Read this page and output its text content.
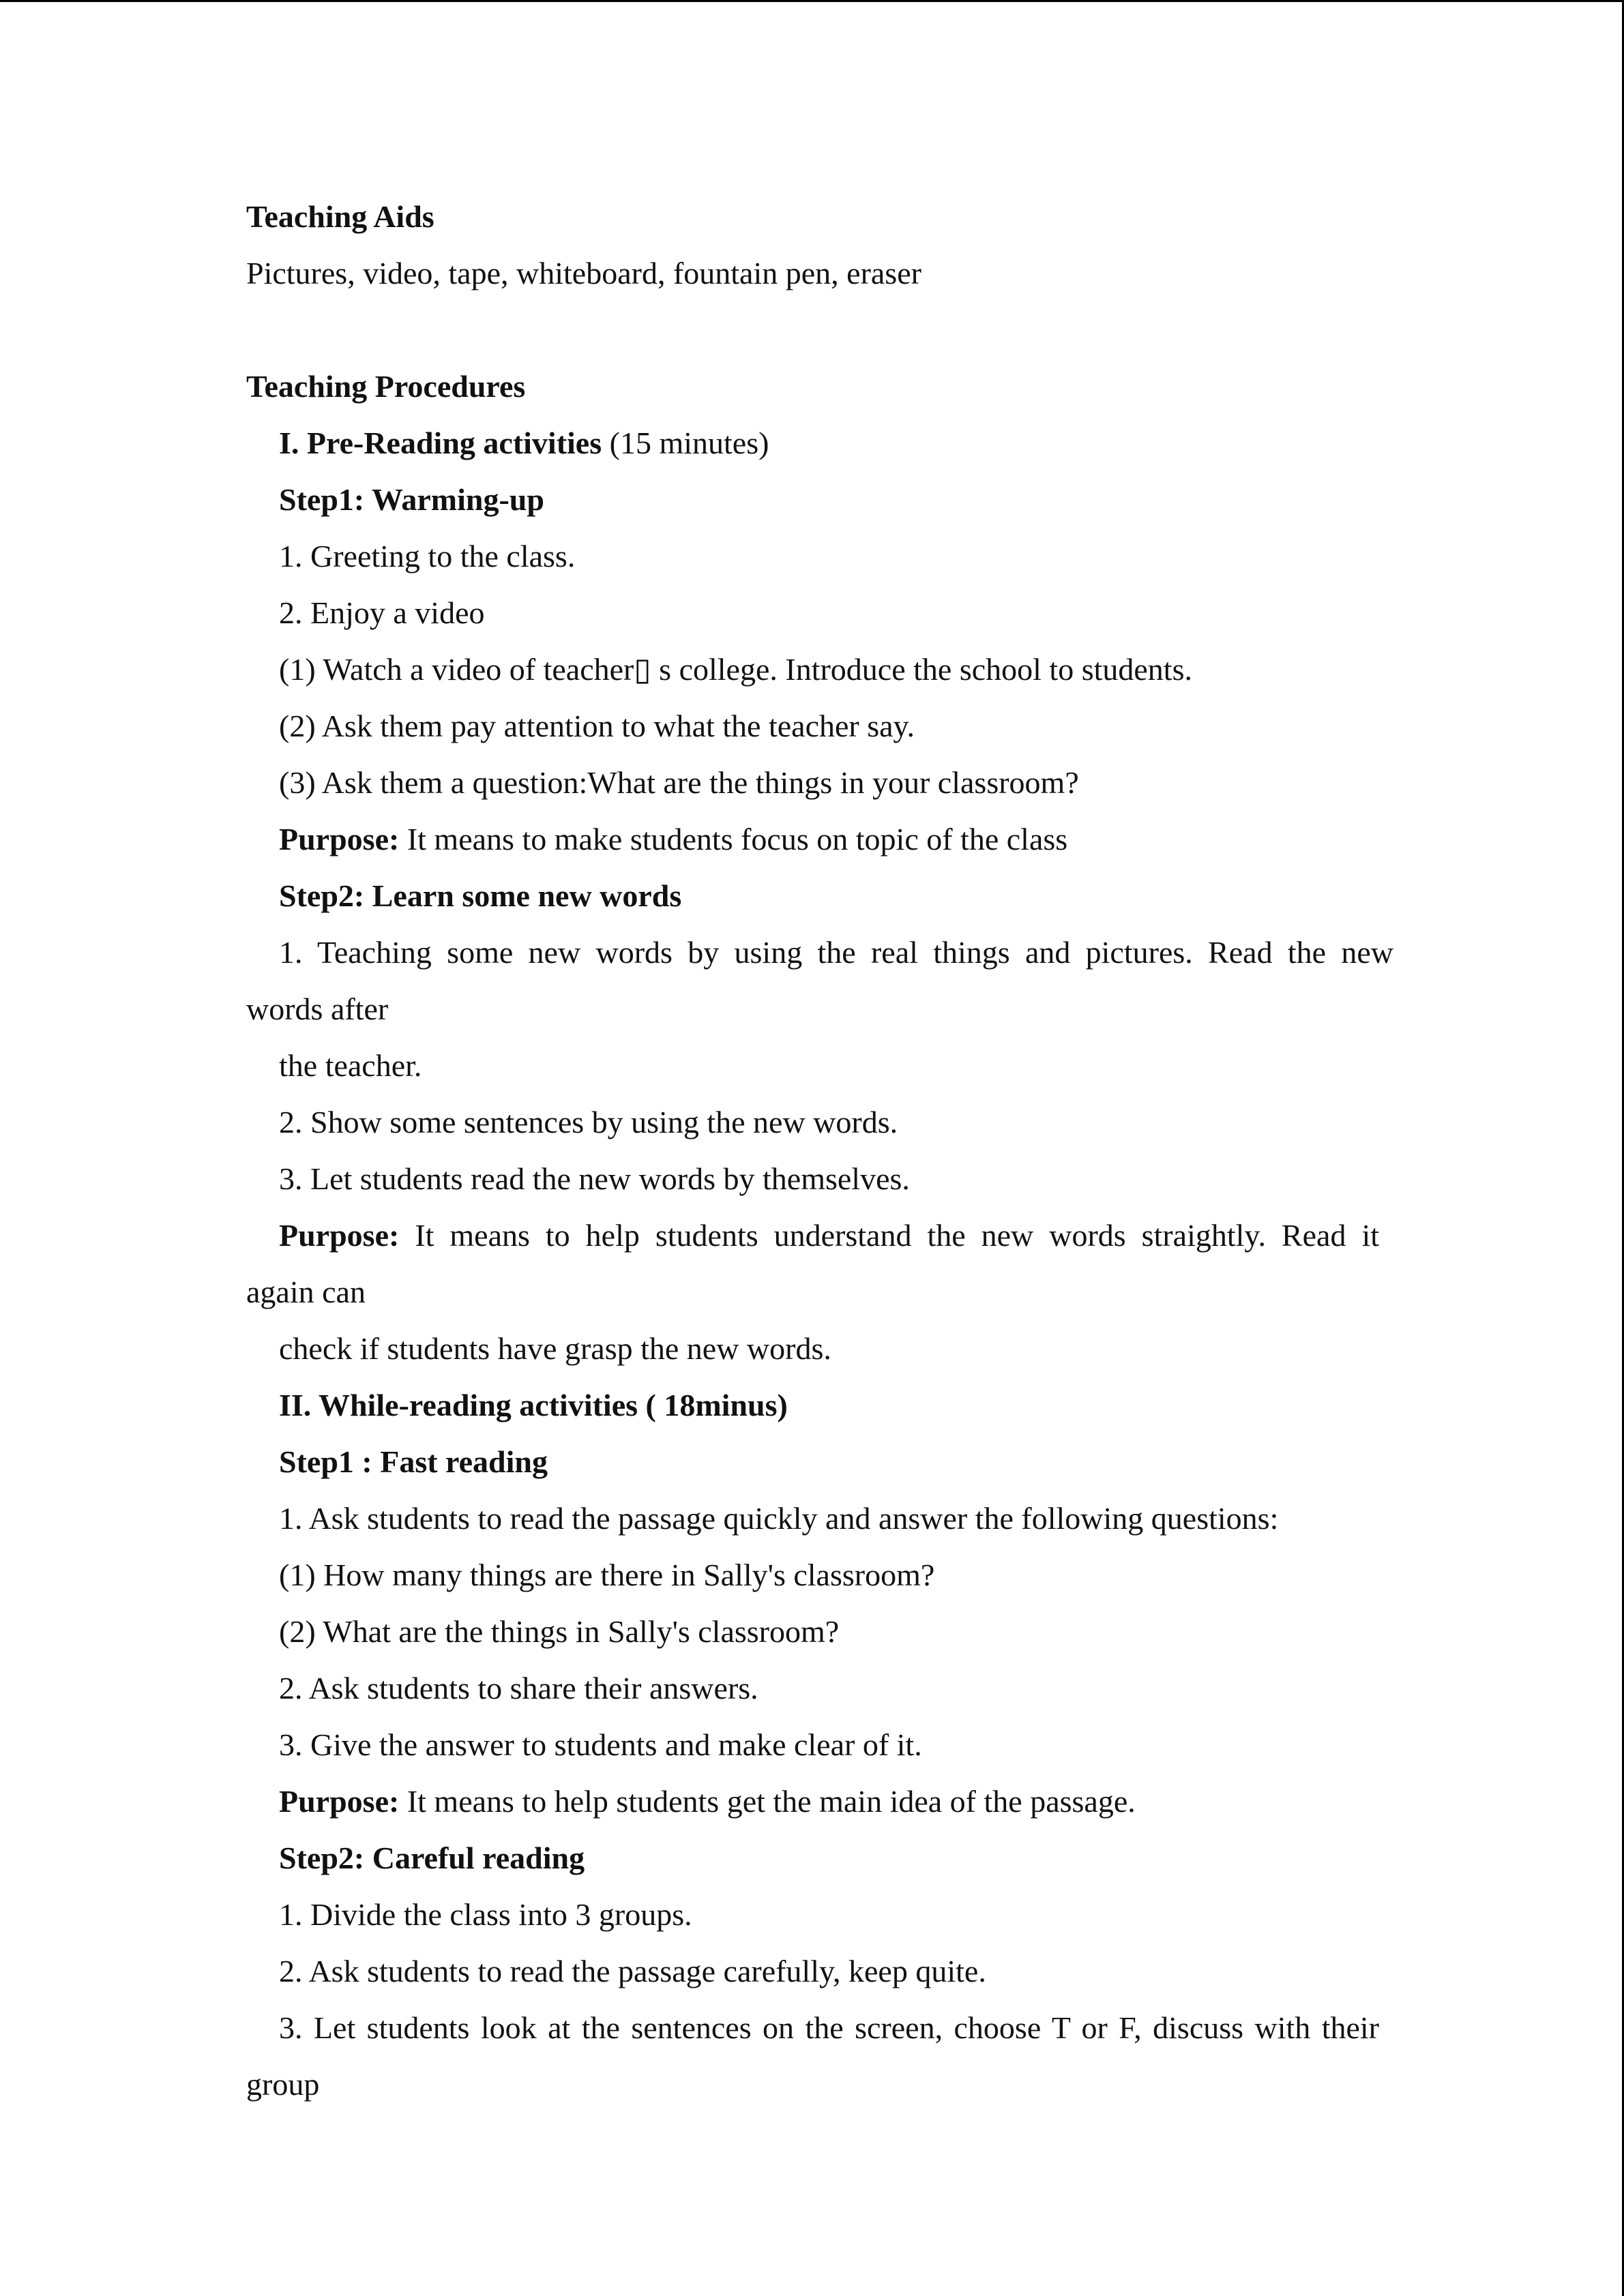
Teaching Aids
Pictures, video, tape, whiteboard, fountain pen, eraser
Teaching Procedures
I. Pre-Reading activities (15 minutes)
Step1: Warming-up
1. Greeting to the class.
2. Enjoy a video
(1) Watch a video of teacher▯ s college. Introduce the school to students.
(2) Ask them pay attention to what the teacher say.
(3) Ask them a question:What are the things in your classroom?
Purpose: It means to make students focus on topic of the class
Step2: Learn some new words
1. Teaching some new words by using the real things and pictures. Read the new
words after
the teacher.
2. Show some sentences by using the new words.
3. Let students read the new words by themselves.
Purpose: It means to help students understand the new words straightly. Read it
again can
check if students have grasp the new words.
II. While-reading activities ( 18minus)
Step1 : Fast reading
1. Ask students to read the passage quickly and answer the following questions:
(1) How many things are there in Sally's classroom?
(2) What are the things in Sally's classroom?
2. Ask students to share their answers.
3. Give the answer to students and make clear of it.
Purpose: It means to help students get the main idea of the passage.
Step2: Careful reading
1. Divide the class into 3 groups.
2. Ask students to read the passage carefully, keep quite.
3. Let students look at the sentences on the screen, choose T or F, discuss with their
group
